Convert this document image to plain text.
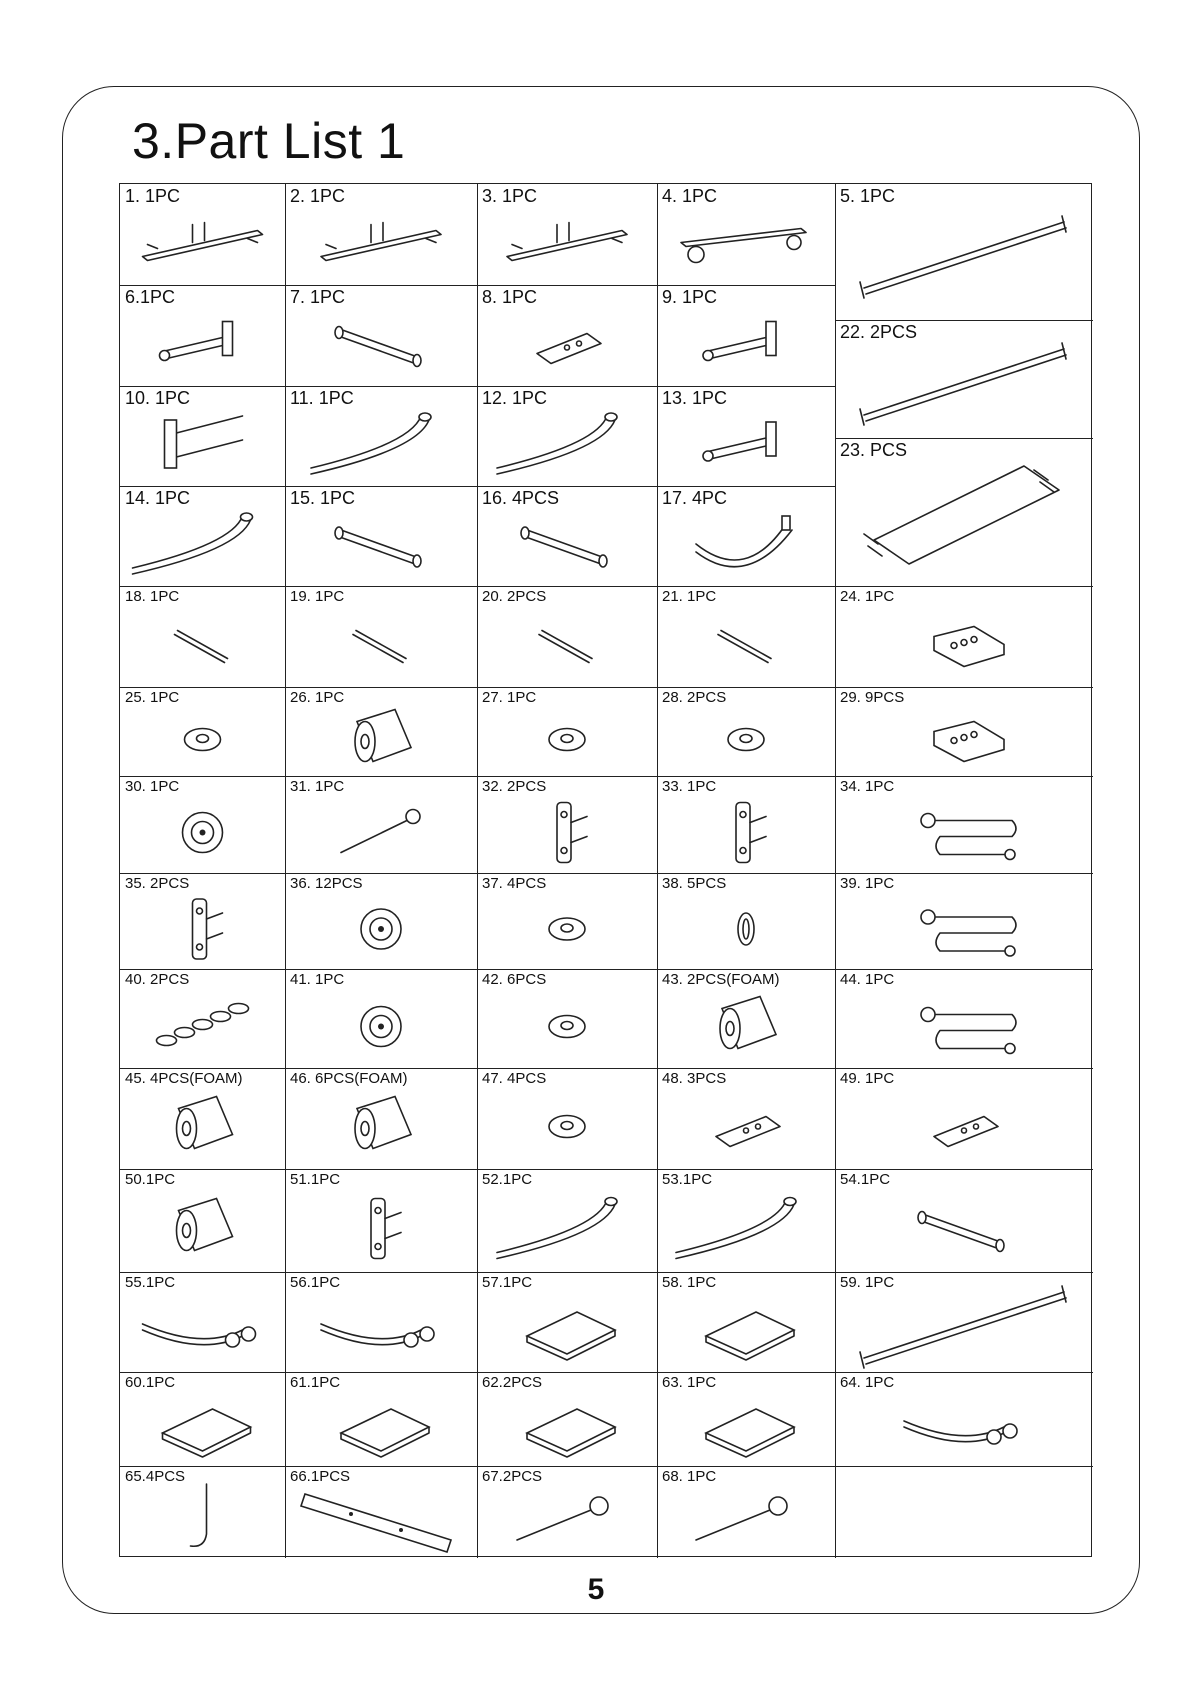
3.Part List 1
1. 1PC	2. 1PC	3. 1PC	4. 1PC	5. 1PC
6.1PC	7. 1PC	8. 1PC	9. 1PC
22. 2PCS
10. 1PC	11. 1PC	12. 1PC	13. 1PC
23. PCS
14. 1PC	15. 1PC	16. 4PCS	17. 4PC
18. 1PC	19. 1PC	20. 2PCS	21. 1PC	24. 1PC
25. 1PC	26. 1PC	27. 1PC	28. 2PCS	29. 9PCS
30. 1PC	31. 1PC	32. 2PCS	33. 1PC	34. 1PC
35. 2PCS	36. 12PCS	37. 4PCS	38. 5PCS	39. 1PC
40. 2PCS	41. 1PC	42. 6PCS	43. 2PCS(FOAM)	44. 1PC
45. 4PCS(FOAM)	46. 6PCS(FOAM)	47. 4PCS	48. 3PCS	49. 1PC
50.1PC	51.1PC	52.1PC	53.1PC	54.1PC
55.1PC	56.1PC	57.1PC	58. 1PC	59. 1PC
60.1PC	61.1PC	62.2PCS	63. 1PC	64. 1PC
65.4PCS	66.1PCS	67.2PCS	68. 1PC
5
